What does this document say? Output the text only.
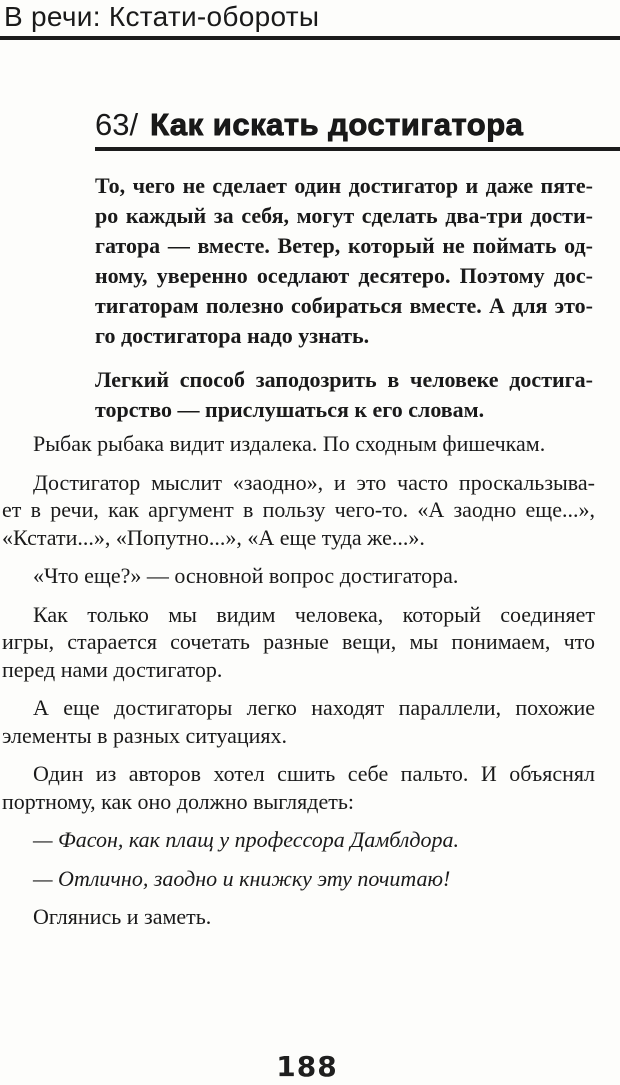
В речи: Кстати-обороты
63/ Как искать достигатора
То, чего не сделает один достигатор и даже пяте-
ро каждый за себя, могут сделать два-три дости-
гатора — вместе. Ветер, который не поймать од-
ному, уверенно оседлают десятеро. Поэтому дос-
тигаторам полезно собираться вместе. А для это-
го достигатора надо узнать.
Легкий способ заподозрить в человеке достига-
торство — прислушаться к его словам.
Рыбак рыбака видит издалека. По сходным фишечкам.
Достигатор мыслит «заодно», и это часто проскальзыва-
ет в речи, как аргумент в пользу чего-то. «А заодно еще...»,
«Кстати...», «Попутно...», «А еще туда же...».
«Что еще?» — основной вопрос достигатора.
Как только мы видим человека, который соединяет
игры, старается сочетать разные вещи, мы понимаем, что
перед нами достигатор.
А еще достигаторы легко находят параллели, похожие
элементы в разных ситуациях.
Один из авторов хотел сшить себе пальто. И объяснял
портному, как оно должно выглядеть:
— Фасон, как плащ у профессора Дамблдора.
— Отлично, заодно и книжку эту почитаю!
Оглянись и заметь.
188
